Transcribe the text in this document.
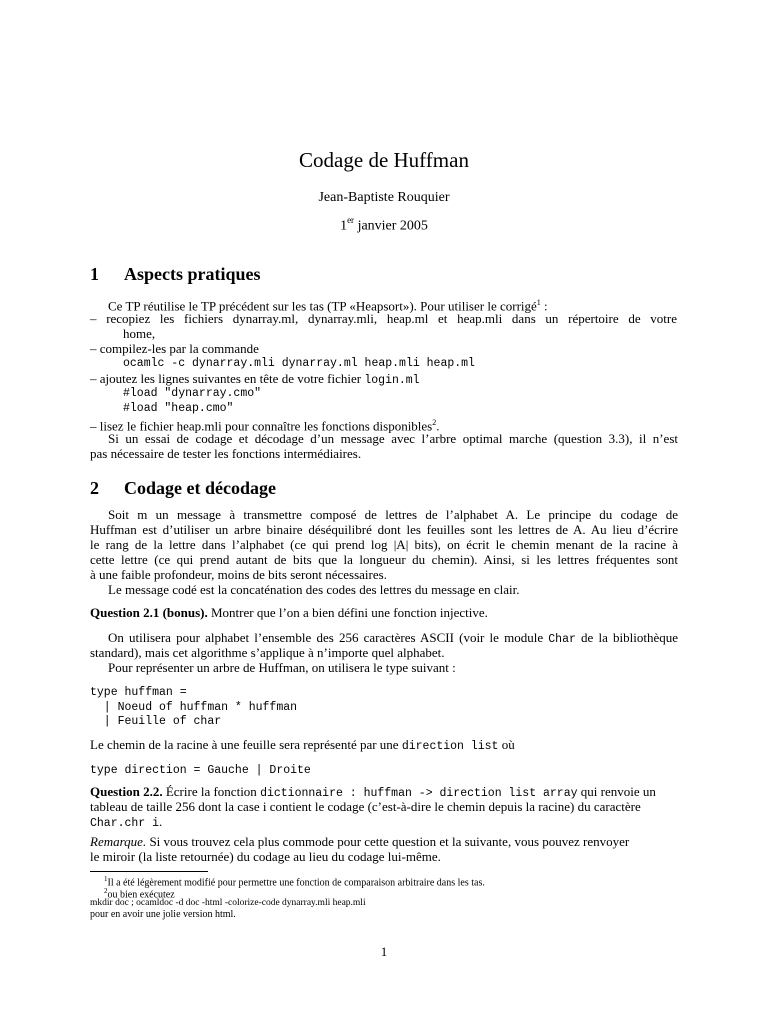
Codage de Huffman
Jean-Baptiste Rouquier
1er janvier 2005
1 Aspects pratiques
Ce TP réutilise le TP précédent sur les tas (TP «Heapsort»). Pour utiliser le corrigé$^1$ :
– recopiez les fichiers dynarray.ml, dynarray.mli, heap.ml et heap.mli dans un répertoire de votre
home,
– compilez-les par la commande
ocamlc -c dynarray.mli dynarray.ml heap.mli heap.ml
– ajoutez les lignes suivantes en tête de votre fichier login.ml
#load "dynarray.cmo"
#load "heap.cmo"
– lisez le fichier heap.mli pour connaître les fonctions disponibles$^2$.
Si un essai de codage et décodage d’un message avec l’arbre optimal marche (question 3.3), il n’est
pas nécessaire de tester les fonctions intermédiaires.
2 Codage et décodage
Soit m un message à transmettre composé de lettres de l’alphabet A. Le principe du codage de
Huffman est d’utiliser un arbre binaire déséquilibré dont les feuilles sont les lettres de A. Au lieu d’écrire
le rang de la lettre dans l’alphabet (ce qui prend log |A| bits), on écrit le chemin menant de la racine à
cette lettre (ce qui prend autant de bits que la longueur du chemin). Ainsi, si les lettres fréquentes sont
à une faible profondeur, moins de bits seront nécessaires.
Le message codé est la concaténation des codes des lettres du message en clair.
Question 2.1 (bonus). Montrer que l’on a bien défini une fonction injective.
On utilisera pour alphabet l’ensemble des 256 caractères ASCII (voir le module Char de la bibliothèque
standard), mais cet algorithme s’applique à n’importe quel alphabet.
Pour représenter un arbre de Huffman, on utilisera le type suivant :
type huffman =
| Noeud of huffman * huffman
| Feuille of char
Le chemin de la racine à une feuille sera représenté par une direction list où
type direction = Gauche | Droite
Question 2.2. Écrire la fonction dictionnaire : huffman -> direction list array qui renvoie un
tableau de taille 256 dont la case i contient le codage (c’est-à-dire le chemin depuis la racine) du caractère
Char.chr i.
Remarque. Si vous trouvez cela plus commode pour cette question et la suivante, vous pouvez renvoyer
le miroir (la liste retournée) du codage au lieu du codage lui-même.
$^1$Il a été légèrement modifié pour permettre une fonction de comparaison arbitraire dans les tas.
$^2$ou bien exécutez
mkdir doc ; ocamldoc -d doc -html -colorize-code dynarray.mli heap.mli
pour en avoir une jolie version html.
1
